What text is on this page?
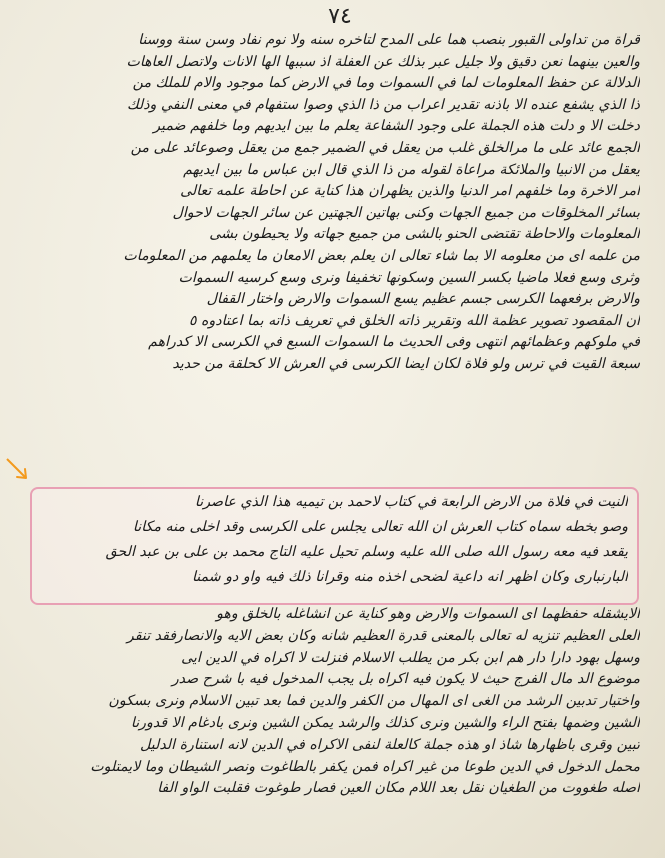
٧٤
قراة من تداولى القبور بنصب هما على المدح لتاخره سنه ولا نوم نفاد وسن سنة ووسنا
والعين بينهما نعن دقيق ولا جليل عبر بذلك عن العفلة اذ سببها الها الانات ولاتصل العاهات
الدلالة عن حفظ المعلومات لما في السموات وما في الارض كما موجود والام للملك من
ذا الذي يشفع عنده الا باذنه تقدير اعراب من ذا الذي وصوا ستفهام في معنى النفي وذلك
دخلت الا و دلت هذه الجملة على وجود الشفاعة يعلم ما بين ايديهم وما خلفهم ضمير
الجمع عائد على ما مرالخلق غلب من يعقل في الضمير جمع من يعقل وصوعائد على من
يعقل من الانبيا والملائكة مراعاة لقوله من ذا الذي قال ابن عباس ما بين ايديهم
امر الاخرة وما خلفهم امر الدنيا والذين يظهران هذا كناية عن احاطة علمه تعالى
بسائر المخلوقات من جميع الجهات وكنى بهاتين الجهتين عن سائر الجهات لاحوال
المعلومات والاحاطة تقتضى الحنو بالشى من جميع جهاته ولا يحيطون بشى
من علمه اى من معلومه الا بما شاء تعالى ان يعلم بعض الامعان ما يعلمهم من المعلومات
وثرى وسع فعلا ماضيا بكسر السين وسكونها تخفيفا ونرى وسع كرسيه السموات
والارض برفعهما الكرسى جسم عظيم يسع السموات والارض واختار القفال
ان المقصود تصوير عظمة الله وتقرير ذاته الخلق في تعريف ذاته بما اعتادوه ٥
في ملوكهم وعظمائهم انتهى وفى الحديث ما السموات السبع في الكرسى الا كدراهم
سبعة القيت في ترس ولو فلاة لكان ايضا الكرسى في العرش الا كحلقة من حديد
النيت في فلاة من الارض الرابعة في كتاب لاحمد بن تيميه هذا الذي عاصرنا
وصو بخطه سماه كتاب العرش ان الله تعالى يجلس على الكرسى وقد اخلى منه مكانا
يقعد فيه معه رسول الله صلى الله عليه وسلم تحيل عليه التاج محمد بن على بن عبد الحق
البارنبارى وكان اظهر انه داعية لضحى اخذه منه وقرانا ذلك فيه واو دو شمنا
الايشقله حفظهما اى السموات والارض وهو كناية عن انشاغله بالخلق وهو
العلى العظيم تنزيه له تعالى بالمعنى قدرة العظيم شانه وكان بعض الايه والانصارفقد تنقر
وسهل بهود دارا دار هم ابن بكر من يطلب الاسلام فنزلت لا اكراه في الدين ايى
موضوع الد مال الفرج حيث لا يكون فيه اكراه بل يجب المدخول فيه با شرح صدر
واختيار تدبين الرشد من الغى اى المهال من الكفر والدين فما بعد تبين الاسلام ونرى بسكون
الشين وضمها بفتح الراء والشين ونرى كذلك والرشد يمكن الشين ونرى بادغام الا قدورنا
تبين وقرى باظهارها شاذ او هذه جملة كالعلة لنفى الاكراه في الدين لانه استنارة الدليل
محمل الدخول في الدين طوعا من غير اكراه فمن يكفر بالطاغوت ونصر الشيطان وما لايمتلوت
اصله طغووت من الطغيان نقل بعد اللام مكان العين فصار طوغوت فقلبت الواو الفا
